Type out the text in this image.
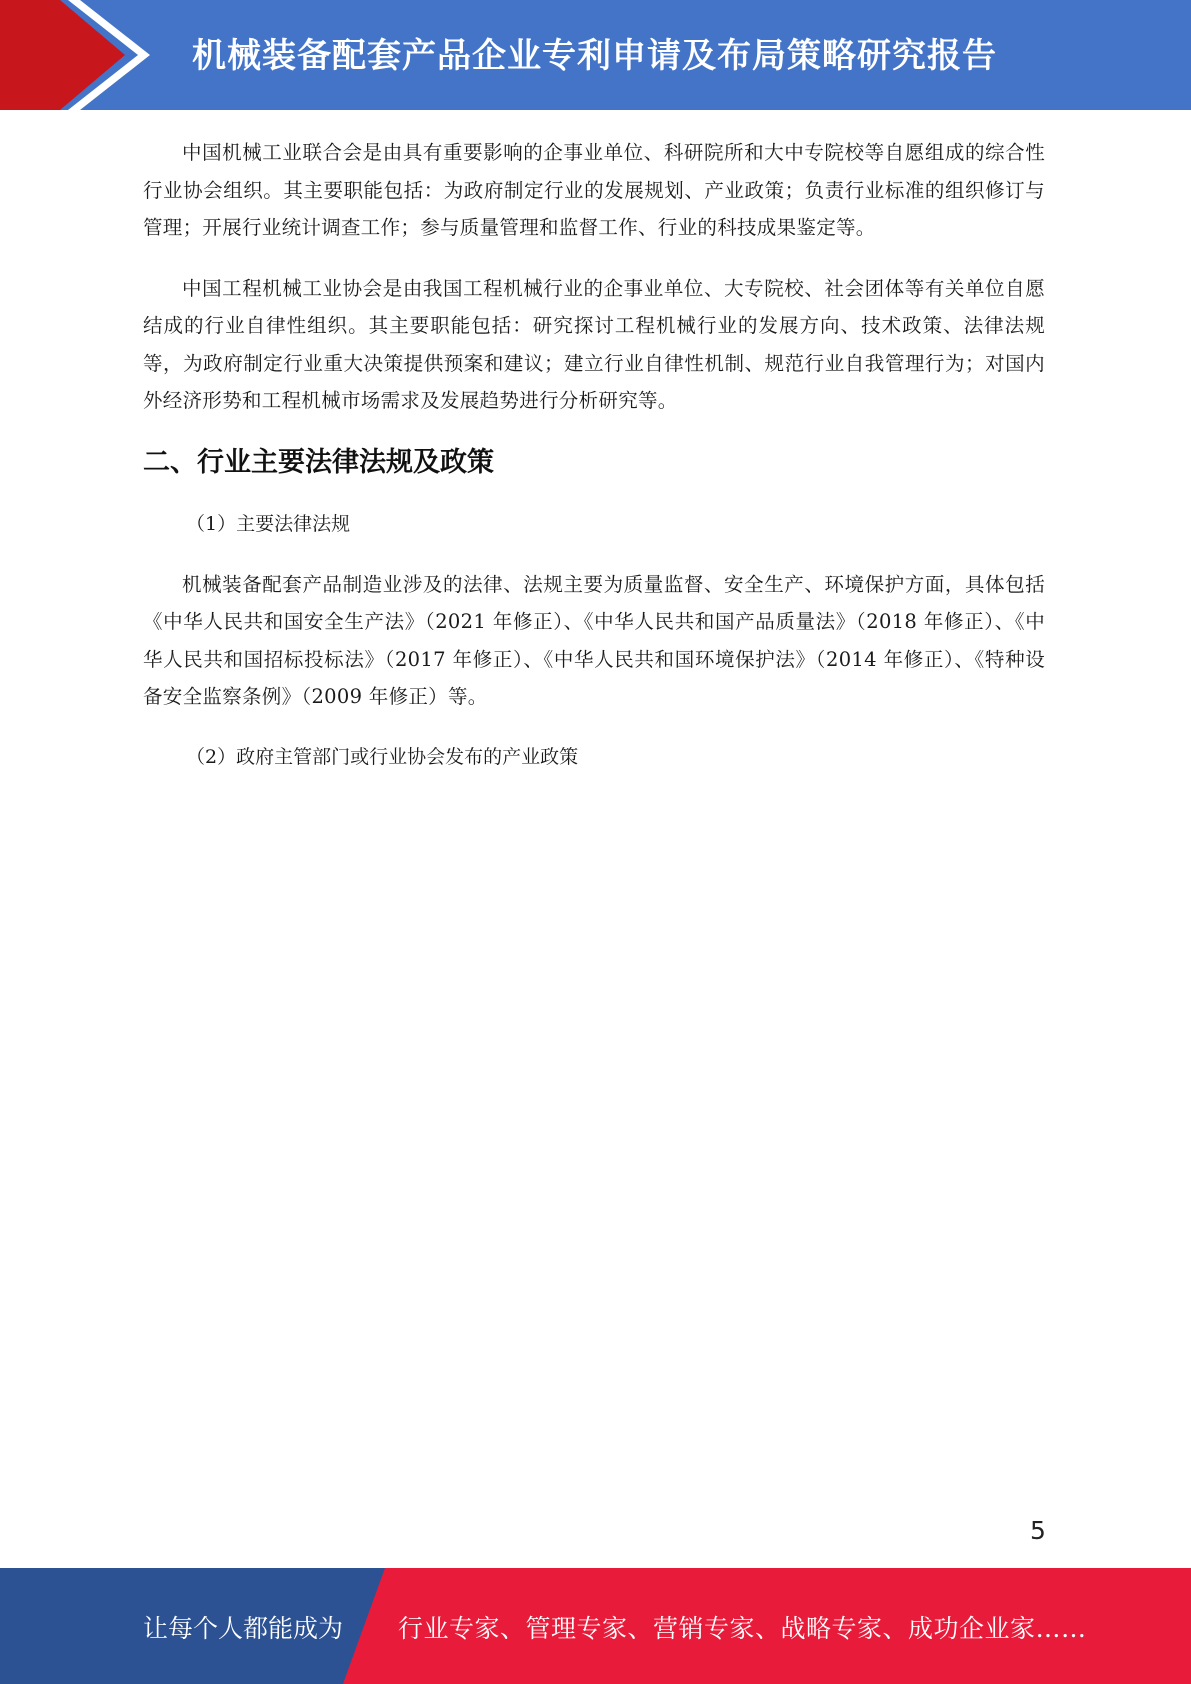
机械装备配套产品企业专利申请及布局策略研究报告

中国机械工业联合会是由具有重要影响的企事业单位、科研院所和大中专院校等自愿组成的综合性行业协会组织。其主要职能包括：为政府制定行业的发展规划、产业政策；负责行业标准的组织修订与管理；开展行业统计调查工作；参与质量管理和监督工作、行业的科技成果鉴定等。

中国工程机械工业协会是由我国工程机械行业的企事业单位、大专院校、社会团体等有关单位自愿结成的行业自律性组织。其主要职能包括：研究探讨工程机械行业的发展方向、技术政策、法律法规等，为政府制定行业重大决策提供预案和建议；建立行业自律性机制、规范行业自我管理行为；对国内外经济形势和工程机械市场需求及发展趋势进行分析研究等。

二、行业主要法律法规及政策

（1）主要法律法规

机械装备配套产品制造业涉及的法律、法规主要为质量监督、安全生产、环境保护方面，具体包括《中华人民共和国安全生产法》（2021 年修正）、《中华人民共和国产品质量法》（2018 年修正）、《中华人民共和国招标投标法》（2017 年修正）、《中华人民共和国环境保护法》（2014 年修正）、《特种设备安全监察条例》（2009 年修正）等。

（2）政府主管部门或行业协会发布的产业政策

5
让每个人都能成为 行业专家、管理专家、营销专家、战略专家、成功企业家……
